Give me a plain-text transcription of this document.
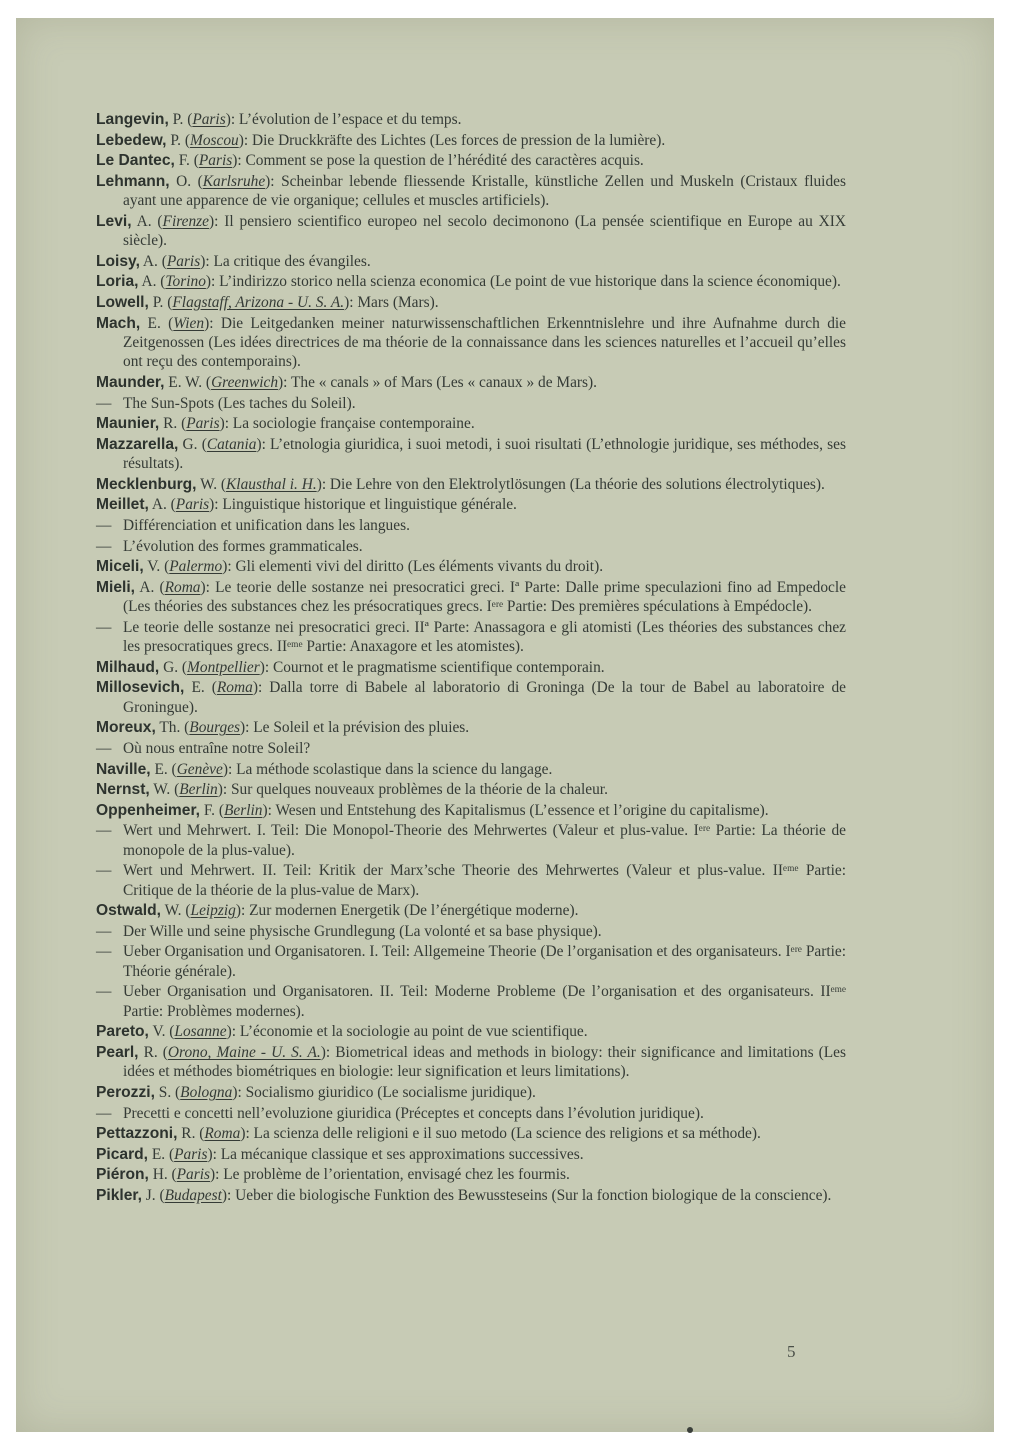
Langevin, P. (Paris): L’évolution de l’espace et du temps.

Lebedew, P. (Moscou): Die Druckkräfte des Lichtes (Les forces de pression de la lumière).

Le Dantec, F. (Paris): Comment se pose la question de l’hérédité des caractères acquis.

Lehmann, O. (Karlsruhe): Scheinbar lebende fliessende Kristalle, künstliche Zellen und Muskeln (Cristaux fluides ayant une apparence de vie organique; cellules et muscles artificiels).

Levi, A. (Firenze): Il pensiero scientifico europeo nel secolo decimonono (La pensée scientifique en Europe au XIX siècle).

Loisy, A. (Paris): La critique des évangiles.

Loria, A. (Torino): L’indirizzo storico nella scienza economica (Le point de vue historique dans la science économique).

Lowell, P. (Flagstaff, Arizona - U. S. A.): Mars (Mars).

Mach, E. (Wien): Die Leitgedanken meiner naturwissenschaftlichen Erkenntnislehre und ihre Aufnahme durch die Zeitgenossen (Les idées directrices de ma théorie de la connaissance dans les sciences naturelles et l’accueil qu’elles ont reçu des contemporains).

Maunder, E. W. (Greenwich): The « canals » of Mars (Les « canaux » de Mars).

— The Sun-Spots (Les taches du Soleil).

Maunier, R. (Paris): La sociologie française contemporaine.

Mazzarella, G. (Catania): L’etnologia giuridica, i suoi metodi, i suoi risultati (L’ethnologie juridique, ses méthodes, ses résultats).

Mecklenburg, W. (Klausthal i. H.): Die Lehre von den Elektrolytlösungen (La théorie des solutions électrolytiques).

Meillet, A. (Paris): Linguistique historique et linguistique générale.

— Différenciation et unification dans les langues.

— L’évolution des formes grammaticales.

Miceli, V. (Palermo): Gli elementi vivi del diritto (Les éléments vivants du droit).

Mieli, A. (Roma): Le teorie delle sostanze nei presocratici greci. Iª Parte: Dalle prime speculazioni fino ad Empedocle (Les théories des substances chez les présocratiques grecs. Iᵉʳᵉ Partie: Des premières spéculations à Empédocle).

— Le teorie delle sostanze nei presocratici greci. IIª Parte: Anassagora e gli atomisti (Les théories des substances chez les presocratiques grecs. IIᵉᵐᵉ Partie: Anaxagore et les atomistes).

Milhaud, G. (Montpellier): Cournot et le pragmatisme scientifique contemporain.

Millosevich, E. (Roma): Dalla torre di Babele al laboratorio di Groninga (De la tour de Babel au laboratoire de Groningue).

Moreux, Th. (Bourges): Le Soleil et la prévision des pluies.

— Où nous entraîne notre Soleil?

Naville, E. (Genève): La méthode scolastique dans la science du langage.

Nernst, W. (Berlin): Sur quelques nouveaux problèmes de la théorie de la chaleur.

Oppenheimer, F. (Berlin): Wesen und Entstehung des Kapitalismus (L’essence et l’origine du capitalisme).

— Wert und Mehrwert. I. Teil: Die Monopol-Theorie des Mehrwertes (Valeur et plus-value. Iᵉʳᵉ Partie: La théorie de monopole de la plus-value).

— Wert und Mehrwert. II. Teil: Kritik der Marx’sche Theorie des Mehrwertes (Valeur et plus-value. IIᵉᵐᵉ Partie: Critique de la théorie de la plus-value de Marx).

Ostwald, W. (Leipzig): Zur modernen Energetik (De l’énergétique moderne).

— Der Wille und seine physische Grundlegung (La volonté et sa base physique).

— Ueber Organisation und Organisatoren. I. Teil: Allgemeine Theorie (De l’organisation et des organisateurs. Iᵉʳᵉ Partie: Théorie générale).

— Ueber Organisation und Organisatoren. II. Teil: Moderne Probleme (De l’organisation et des organisateurs. IIᵉᵐᵉ Partie: Problèmes modernes).

Pareto, V. (Losanne): L’économie et la sociologie au point de vue scientifique.

Pearl, R. (Orono, Maine - U. S. A.): Biometrical ideas and methods in biology: their significance and limitations (Les idées et méthodes biométriques en biologie: leur signification et leurs limitations).

Perozzi, S. (Bologna): Socialismo giuridico (Le socialisme juridique).

— Precetti e concetti nell’evoluzione giuridica (Préceptes et concepts dans l’évolution juridique).

Pettazzoni, R. (Roma): La scienza delle religioni e il suo metodo (La science des religions et sa méthode).

Picard, E. (Paris): La mécanique classique et ses approximations successives.

Piéron, H. (Paris): Le problème de l’orientation, envisagé chez les fourmis.

Pikler, J. (Budapest): Ueber die biologische Funktion des Bewussteseins (Sur la fonction biologique de la conscience).

5
